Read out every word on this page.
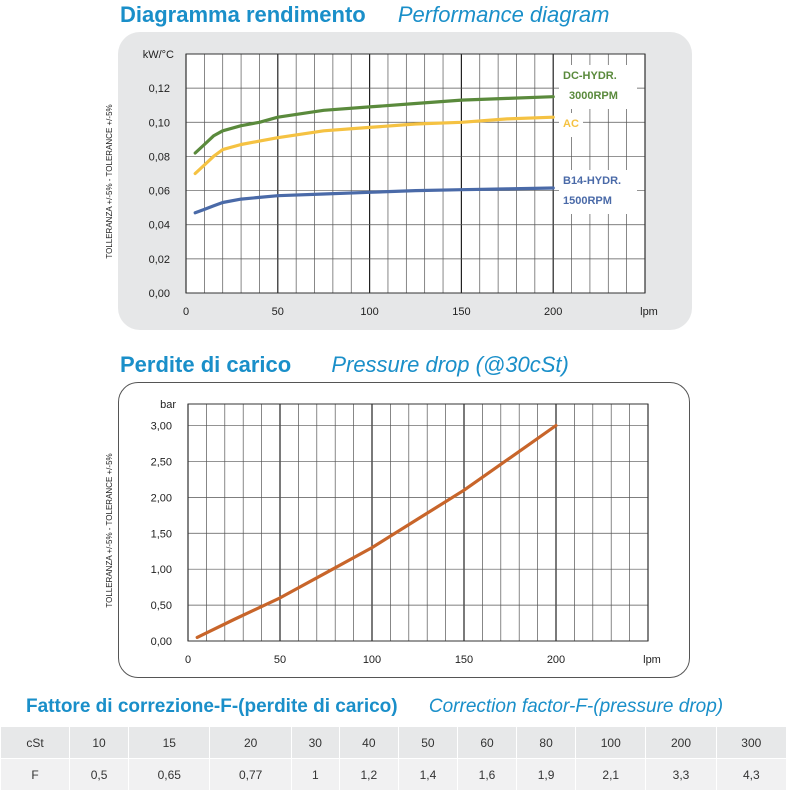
Diagramma rendimento Performance diagram
Perdite di carico Pressure drop (@30cSt)
0,00
0,02
0,04
0,06
0,08
0,10
0,12
0	50	100	150	200
kW/°C
lpm
TOLLERANZA +/-5% - TOLERANCE +/-5%
DC-HYDR.
3000RPM
AC
B14-HYDR.
1500RPM
0,00
0,50
1,00
1,50
2,00
2,50
3,00
0	50	100	150	200
bar
lpm
TOLLERANZA +/-5% - TOLERANCE +/-5%
Fattore di correzione-F-(perdite di carico) Correction factor-F-(pressure drop)
cSt	10	15	20	30	40	50	60	80	100	200	300
F	0,5	0,65	0,77	1	1,2	1,4	1,6	1,9	2,1	3,3	4,3
